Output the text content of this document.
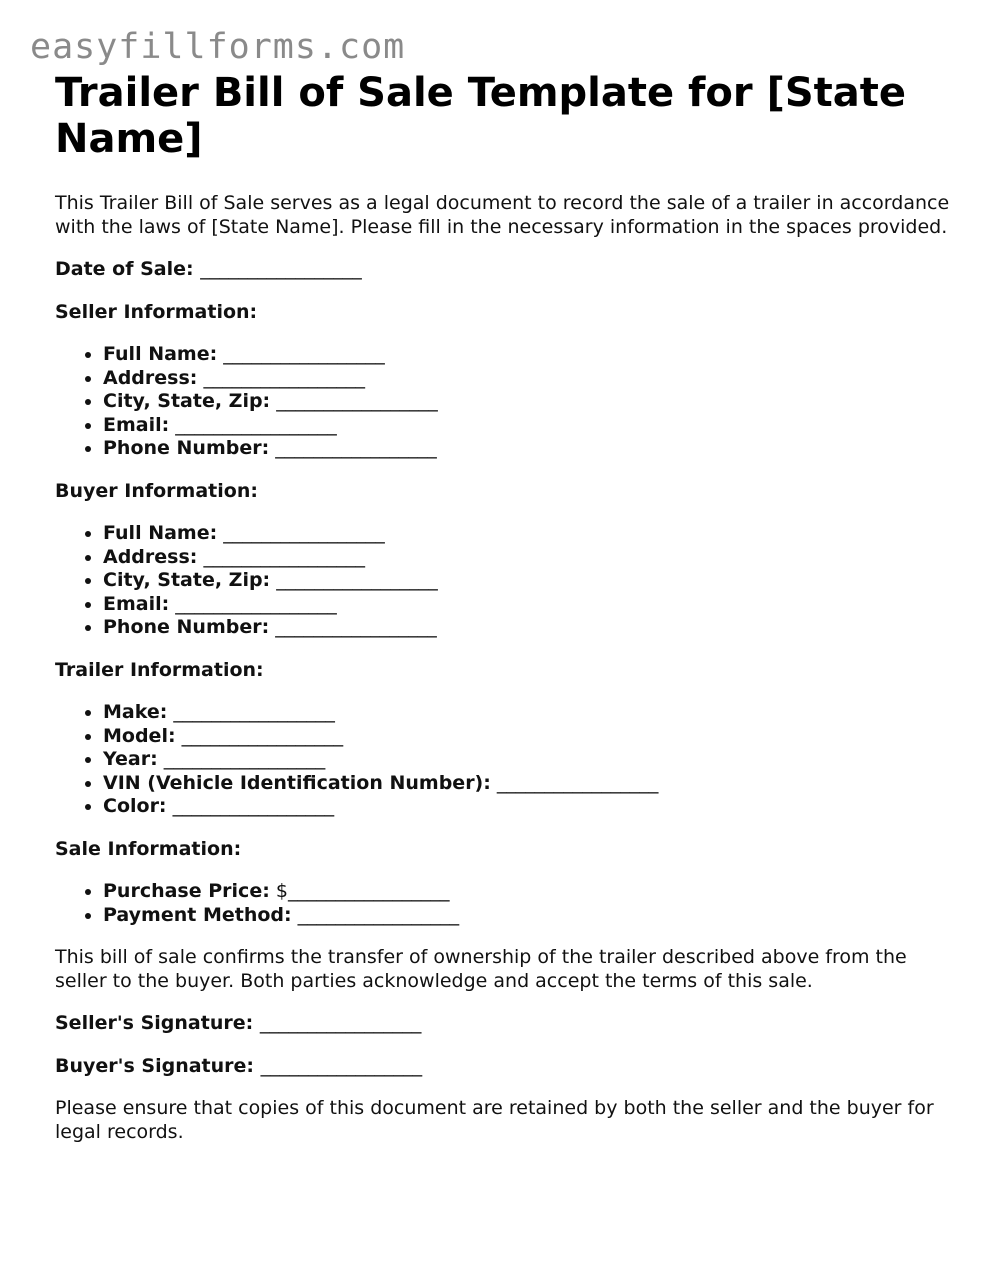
easyfillforms.com
Trailer Bill of Sale Template for [State Name]

This Trailer Bill of Sale serves as a legal document to record the sale of a trailer in accordance with the laws of [State Name]. Please fill in the necessary information in the spaces provided.

Date of Sale: _________________
Seller Information:
• Full Name: _________________
• Address: _________________
• City, State, Zip: _________________
• Email: _________________
• Phone Number: _________________
Buyer Information:
• Full Name: _________________
• Address: _________________
• City, State, Zip: _________________
• Email: _________________
• Phone Number: _________________
Trailer Information:
• Make: _________________
• Model: _________________
• Year: _________________
• VIN (Vehicle Identification Number): _________________
• Color: _________________
Sale Information:
• Purchase Price: $_________________
• Payment Method: _________________

This bill of sale confirms the transfer of ownership of the trailer described above from the seller to the buyer. Both parties acknowledge and accept the terms of this sale.

Seller's Signature: _________________
Buyer's Signature: _________________

Please ensure that copies of this document are retained by both the seller and the buyer for legal records.
